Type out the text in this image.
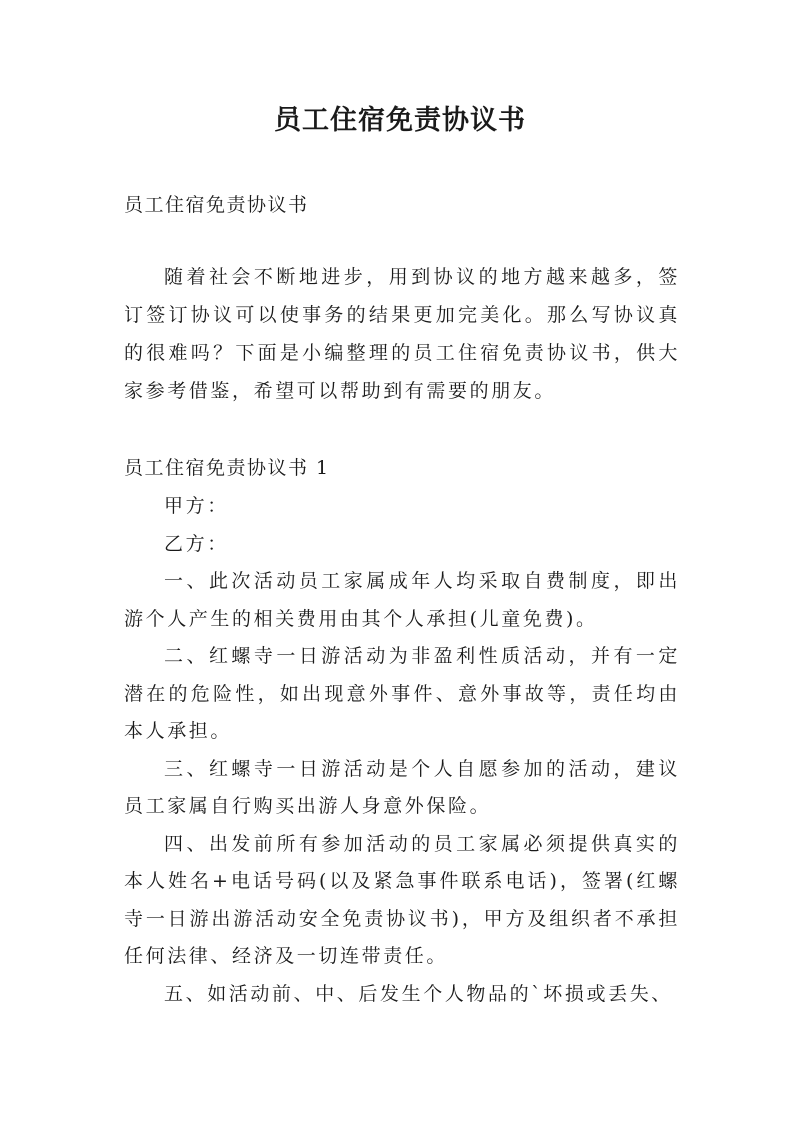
员工住宿免责协议书

员工住宿免责协议书

随着社会不断地进步，用到协议的地方越来越多，签订签订协议可以使事务的结果更加完美化。那么写协议真的很难吗？下面是小编整理的员工住宿免责协议书，供大家参考借鉴，希望可以帮助到有需要的朋友。

员工住宿免责协议书 1

甲方：

乙方：

一、此次活动员工家属成年人均采取自费制度，即出游个人产生的相关费用由其个人承担(儿童免费)。

二、红螺寺一日游活动为非盈利性质活动，并有一定潜在的危险性，如出现意外事件、意外事故等，责任均由本人承担。

三、红螺寺一日游活动是个人自愿参加的活动，建议员工家属自行购买出游人身意外保险。

四、出发前所有参加活动的员工家属必须提供真实的本人姓名+电话号码(以及紧急事件联系电话)，签署(红螺寺一日游出游活动安全免责协议书)，甲方及组织者不承担任何法律、经济及一切连带责任。

五、如活动前、中、后发生个人物品的`坏损或丢失、
